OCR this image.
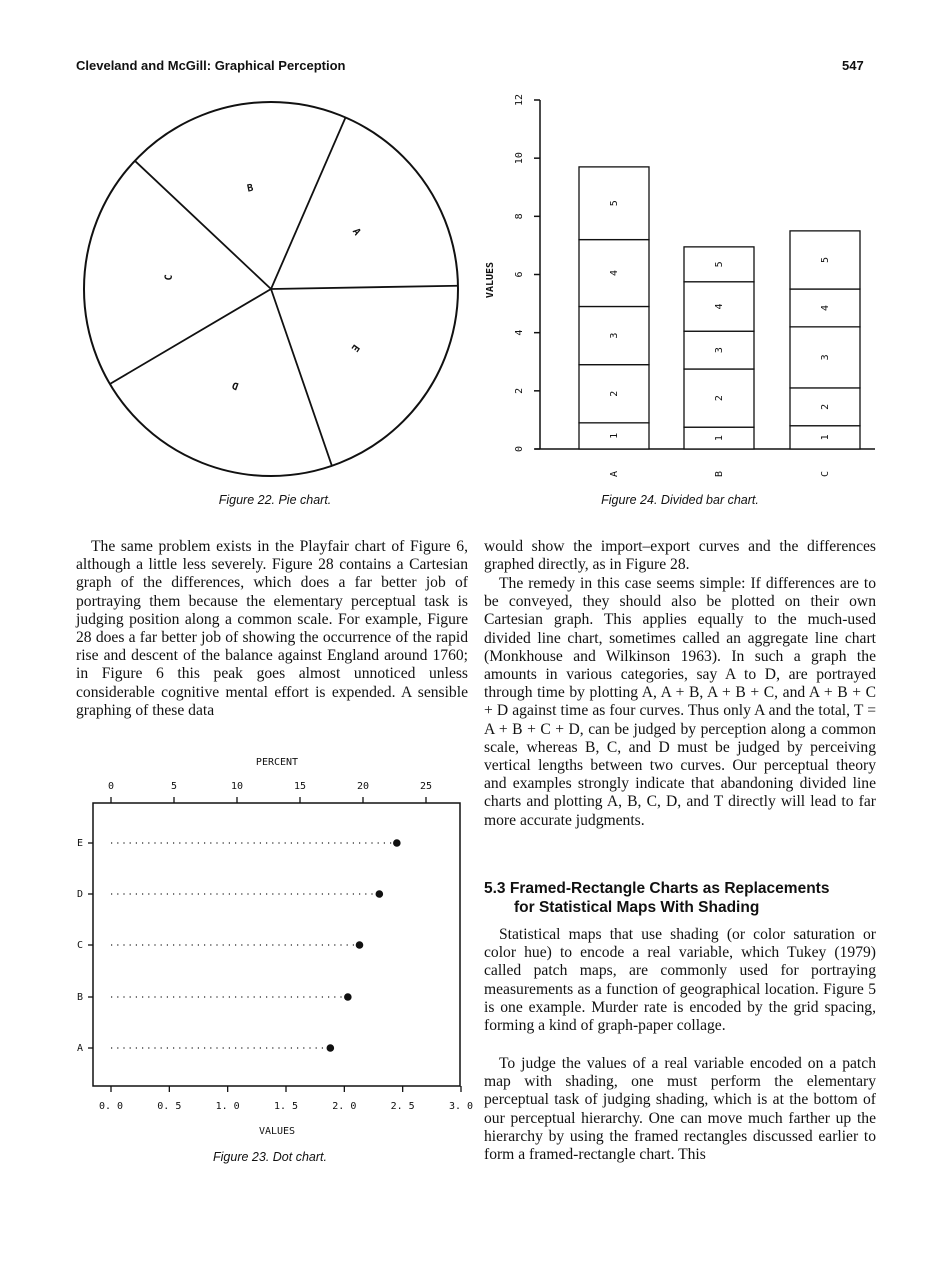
Cleveland and McGill: Graphical Perception	547
A
B
C
D
E
Figure 22. Pie chart.
0
2
4
6
8
10
12
VALUES
1
2
3
4
5
A
1
2
3
4
5
B
1
2
3
4
5
C
Figure 24. Divided bar chart.

The same problem exists in the Playfair chart of Figure 6, although a little less severely. Figure 28 contains a Cartesian graph of the differences, which does a far better job of portraying them because the elementary perceptual task is judging position along a common scale. For example, Figure 28 does a far better job of showing the occurrence of the rapid rise and descent of the balance against England around 1760; in Figure 6 this peak goes almost unnoticed unless considerable cognitive mental effort is expended. A sensible graphing of these data

0. 0	0. 5	1. 0	1. 5	2. 0	2. 5	3. 0
VALUES
0	5	10	15	20	25
PERCENT
E
D
C
B
A
Figure 23. Dot chart.

would show the import–export curves and the differences graphed directly, as in Figure 28.

The remedy in this case seems simple: If differences are to be conveyed, they should also be plotted on their own Cartesian graph. This applies equally to the much-used divided line chart, sometimes called an aggregate line chart (Monkhouse and Wilkinson 1963). In such a graph the amounts in various categories, say A to D, are portrayed through time by plotting A, A + B, A + B + C, and A + B + C + D against time as four curves. Thus only A and the total, T = A + B + C + D, can be judged by perception along a common scale, whereas B, C, and D must be judged by perceiving vertical lengths between two curves. Our perceptual theory and examples strongly indicate that abandoning divided line charts and plotting A, B, C, D, and T directly will lead to far more accurate judgments.

5.3 Framed-Rectangle Charts as Replacements
for Statistical Maps With Shading

Statistical maps that use shading (or color saturation or color hue) to encode a real variable, which Tukey (1979) called patch maps, are commonly used for portraying measurements as a function of geographical location. Figure 5 is one example. Murder rate is encoded by the grid spacing, forming a kind of graph-paper collage.

To judge the values of a real variable encoded on a patch map with shading, one must perform the elementary perceptual task of judging shading, which is at the bottom of our perceptual hierarchy. One can move much farther up the hierarchy by using the framed rectangles discussed earlier to form a framed-rectangle chart. This
